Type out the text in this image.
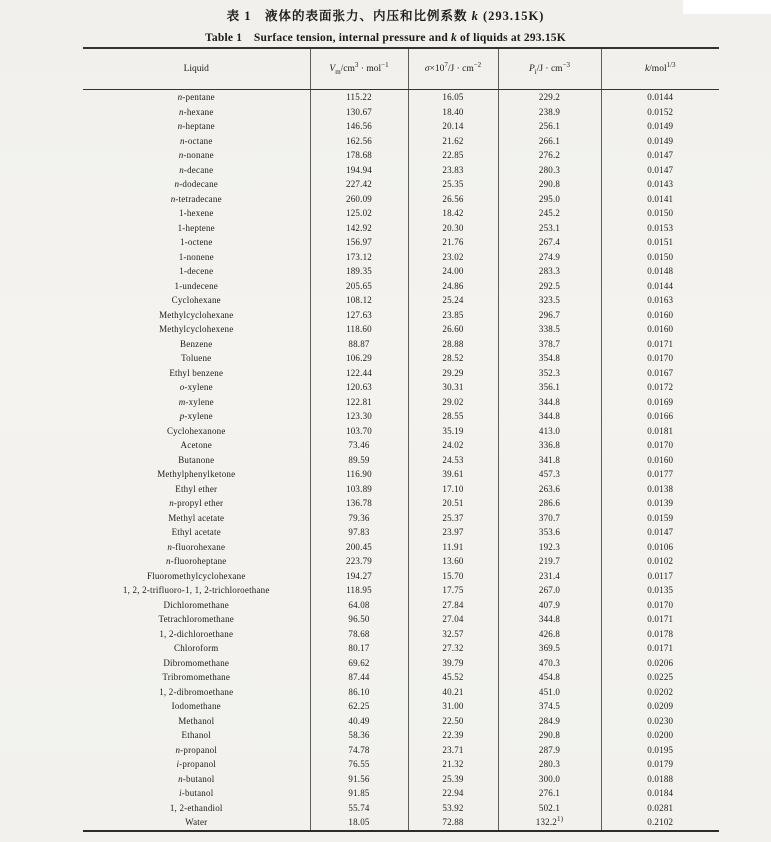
表 1　液体的表面张力、内压和比例系数 k (293.15K)
Table 1　Surface tension, internal pressure and k of liquids at 293.15K
Liquid	$V_m/cm^3 \cdot mol^{-1}$	$\sigma\times 10^7/J \cdot cm^{-2}$	$P_i/J \cdot cm^{-3}$	k/mol$^{1/3}$
n-pentane	115.22	16.05	229.2	0.0144
n-hexane	130.67	18.40	238.9	0.0152
n-heptane	146.56	20.14	256.1	0.0149
n-octane	162.56	21.62	266.1	0.0149
n-nonane	178.68	22.85	276.2	0.0147
n-decane	194.94	23.83	280.3	0.0147
n-dodecane	227.42	25.35	290.8	0.0143
n-tetradecane	260.09	26.56	295.0	0.0141
1-hexene	125.02	18.42	245.2	0.0150
1-heptene	142.92	20.30	253.1	0.0153
1-octene	156.97	21.76	267.4	0.0151
1-nonene	173.12	23.02	274.9	0.0150
1-decene	189.35	24.00	283.3	0.0148
1-undecene	205.65	24.86	292.5	0.0144
Cyclohexane	108.12	25.24	323.5	0.0163
Methylcyclohexane	127.63	23.85	296.7	0.0160
Methylcyclohexene	118.60	26.60	338.5	0.0160
Benzene	88.87	28.88	378.7	0.0171
Toluene	106.29	28.52	354.8	0.0170
Ethyl benzene	122.44	29.29	352.3	0.0167
o-xylene	120.63	30.31	356.1	0.0172
m-xylene	122.81	29.02	344.8	0.0169
p-xylene	123.30	28.55	344.8	0.0166
Cyclohexanone	103.70	35.19	413.0	0.0181
Acetone	73.46	24.02	336.8	0.0170
Butanone	89.59	24.53	341.8	0.0160
Methylphenylketone	116.90	39.61	457.3	0.0177
Ethyl ether	103.89	17.10	263.6	0.0138
n-propyl ether	136.78	20.51	286.6	0.0139
Methyl acetate	79.36	25.37	370.7	0.0159
Ethyl acetate	97.83	23.97	353.6	0.0147
n-fluorohexane	200.45	11.91	192.3	0.0106
n-fluoroheptane	223.79	13.60	219.7	0.0102
Fluoromethylcyclohexane	194.27	15.70	231.4	0.0117
1, 2, 2-trifluoro-1, 1, 2-trichloroethane	118.95	17.75	267.0	0.0135
Dichloromethane	64.08	27.84	407.9	0.0170
Tetrachloromethane	96.50	27.04	344.8	0.0171
1, 2-dichloroethane	78.68	32.57	426.8	0.0178
Chloroform	80.17	27.32	369.5	0.0171
Dibromomethane	69.62	39.79	470.3	0.0206
Tribromomethane	87.44	45.52	454.8	0.0225
1, 2-dibromoethane	86.10	40.21	451.0	0.0202
Iodomethane	62.25	31.00	374.5	0.0209
Methanol	40.49	22.50	284.9	0.0230
Ethanol	58.36	22.39	290.8	0.0200
n-propanol	74.78	23.71	287.9	0.0195
i-propanol	76.55	21.32	280.3	0.0179
n-butanol	91.56	25.39	300.0	0.0188
i-butanol	91.85	22.94	276.1	0.0184
1, 2-ethandiol	55.74	53.92	502.1	0.0281
Water	18.05	72.88	132.2$^{1)}$	0.2102
